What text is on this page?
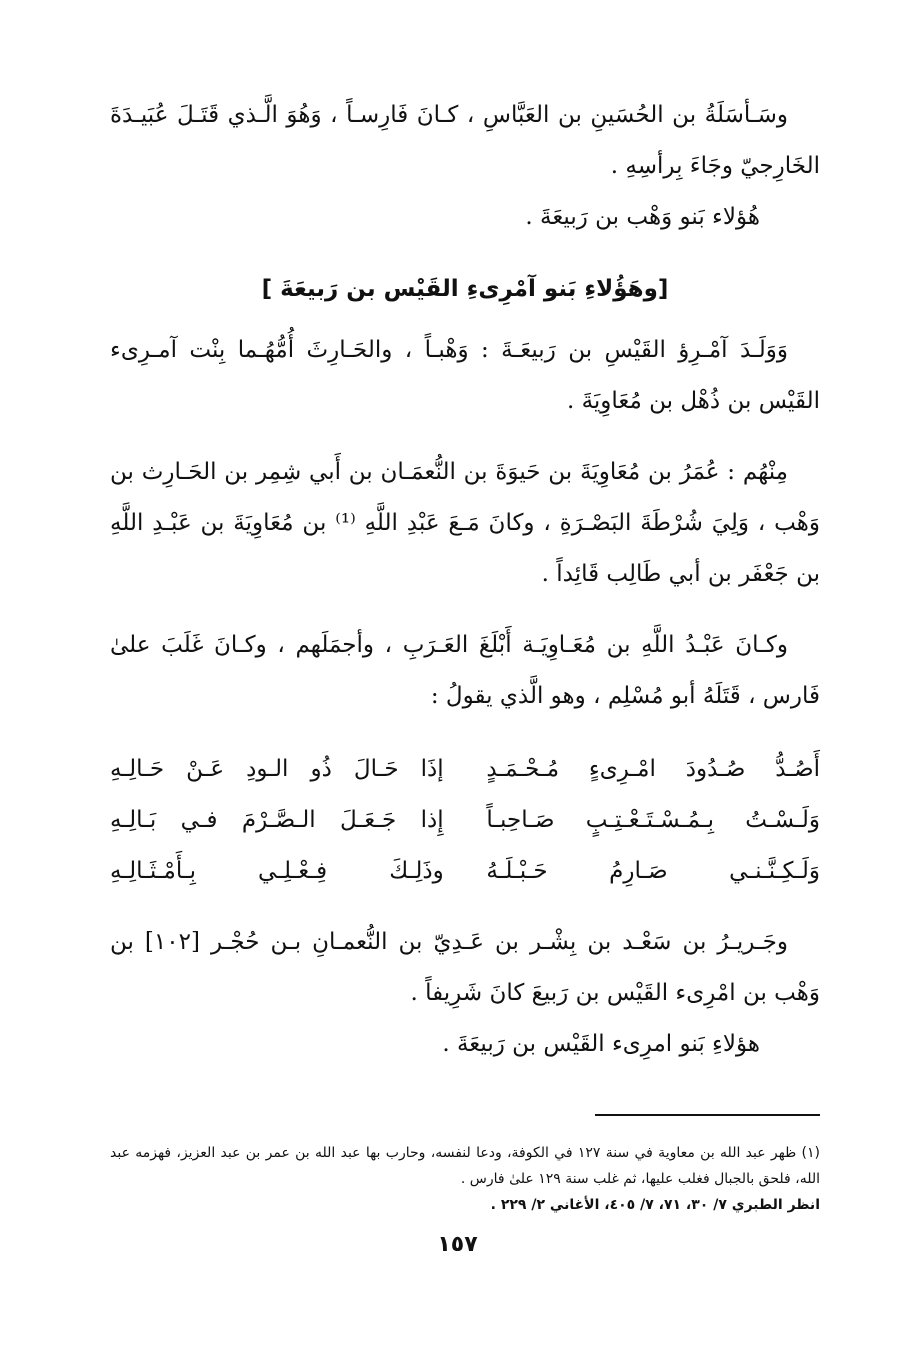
وسَـأسَلَةُ بن الحُسَينِ بن العَبَّاسِ ، كـانَ فَارِسـاً ، وَهُوَ الَّـذي قَتَـلَ عُبَيـدَةَ الخَارِجيّ وجَاءَ بِرأسِهِ .

هُؤلاء بَنو وَهْب بن رَبيعَةَ .

[وهَؤُلاءِ بَنو آمْرِىءِ القَيْس بن رَبيعَةَ ]

وَوَلَـدَ آمْـرِؤ القَيْسِ بن رَبيعَـةَ : وَهْبـاً ، والحَـارِثَ أُمُّهُـما بِنْت آمـرِىء القَيْس بن ذُهْل بن مُعَاوِيَةَ .

مِنْهُم : عُمَرُ بن مُعَاوِيَةَ بن حَيوَةَ بن النُّعمَـان بن أَبي شِمِر بن الحَـارِث بن وَهْب ، وَلِيَ شُرْطَةَ البَصْـرَةِ ، وكانَ مَـعَ عَبْدِ اللَّهِ ⁽¹⁾ بن مُعَاوِيَةَ بن عَبْـدِ اللَّهِ بن جَعْفَر بن أبي طَالِب قَائِداً .

وكـانَ عَبْـدُ اللَّهِ بن مُعَـاوِيَـة أَبْلَغَ العَـرَبِ ، وأجمَلَهم ، وكـانَ غَلَبَ علىٰ فَارس ، قَتَلَهُ أبو مُسْلِم ، وهو الَّذي يقولُ :

أَصُـدُّ صُـدُودَ امْـرِىءٍ مُـحْـمَـدٍ
إذَا حَـالَ ذُو الـودِ عَـنْ حَـالِـهِ
وَلَـسْـتُ بِـمُـسْـتَـعْـتِـبٍ صَـاحِبـاً
إِذا جَـعَـلَ الـصَّـرْمَ فـي بَـالِـهِ
وَلَـكِـنَّـنـي صَـارِمُ حَـبْـلَـهُ
وذَلِـكَ فِـعْـلِـي بِـأَمْـثَـالِـهِ

وجَـريـرُ بن سَعْـد بن بِشْـر بن عَـدِيّ بن النُّعمـانِ بـن حُجْـر [١٠٢] بن وَهْب بن امْرِىء القَيْس بن رَبيعَ كانَ شَرِيفاً .

هؤلاءِ بَنو امرِىء القَيْس بن رَبيعَةَ .

(١) ظهر عبد الله بن معاوية في سنة ١٢٧ في الكوفة، ودعا لنفسه، وحارب بها عبد الله بن عمر بن عبد العزيز، فهزمه عبد الله، فلحق بالجبال فغلب عليها، ثم غلب سنة ١٢٩ علىٰ فارس .

انظر الطبري ٧/ ٣٠، ٧١، ٧/ ٤٠٥، الأغاني ٢/ ٢٢٩ .

١٥٧
